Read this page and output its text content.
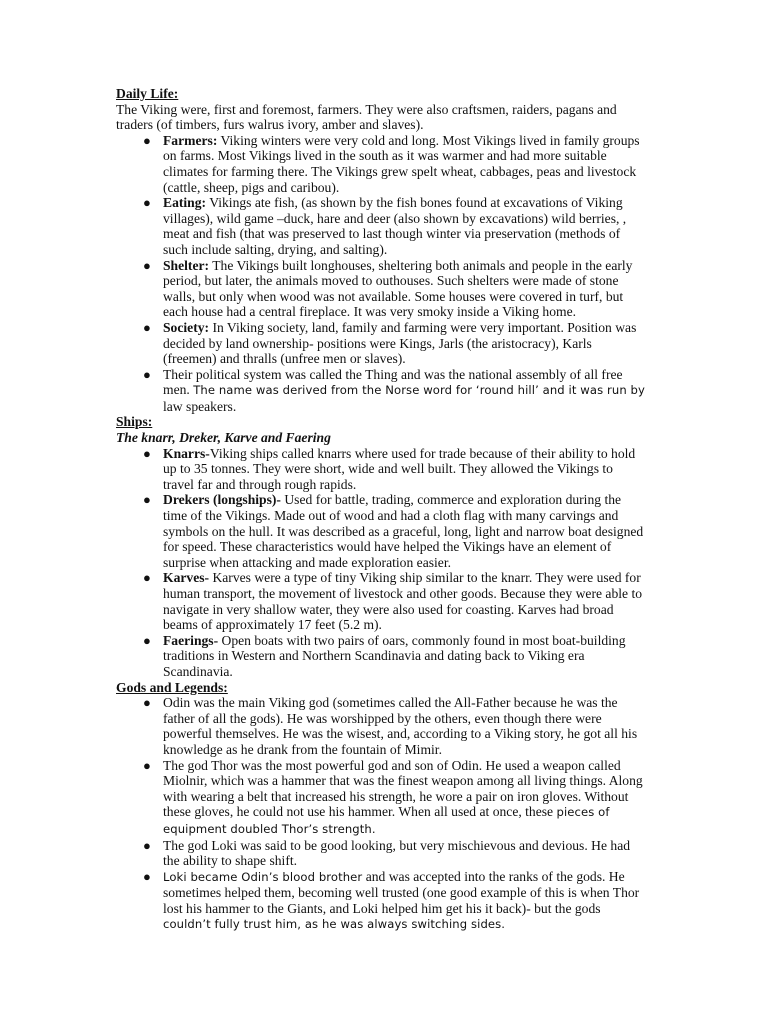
Daily Life:

The Viking were, first and foremost, farmers. They were also craftsmen, raiders, pagans and traders (of timbers, furs walrus ivory, amber and slaves).

● Farmers: Viking winters were very cold and long. Most Vikings lived in family groups on farms. Most Vikings lived in the south as it was warmer and had more suitable climates for farming there. The Vikings grew spelt wheat, cabbages, peas and livestock (cattle, sheep, pigs and caribou).
● Eating: Vikings ate fish, (as shown by the fish bones found at excavations of Viking villages), wild game –duck, hare and deer (also shown by excavations) wild berries, , meat and fish (that was preserved to last though winter via preservation (methods of such include salting, drying, and salting).
● Shelter: The Vikings built longhouses, sheltering both animals and people in the early period, but later, the animals moved to outhouses. Such shelters were made of stone walls, but only when wood was not available. Some houses were covered in turf, but each house had a central fireplace. It was very smoky inside a Viking home.
● Society: In Viking society, land, family and farming were very important. Position was decided by land ownership- positions were Kings, Jarls (the aristocracy), Karls (freemen) and thralls (unfree men or slaves).
● Their political system was called the Thing and was the national assembly of all free men. The name was derived from the Norse word for ‘round hill’ and it was run by law speakers.

Ships:

The knarr, Dreker, Karve and Faering

● Knarrs-Viking ships called knarrs where used for trade because of their ability to hold up to 35 tonnes. They were short, wide and well built. They allowed the Vikings to travel far and through rough rapids.
● Drekers (longships)- Used for battle, trading, commerce and exploration during the time of the Vikings. Made out of wood and had a cloth flag with many carvings and symbols on the hull. It was described as a graceful, long, light and narrow boat designed for speed. These characteristics would have helped the Vikings have an element of surprise when attacking and made exploration easier.
● Karves- Karves were a type of tiny Viking ship similar to the knarr. They were used for human transport, the movement of livestock and other goods. Because they were able to navigate in very shallow water, they were also used for coasting. Karves had broad beams of approximately 17 feet (5.2 m).
● Faerings- Open boats with two pairs of oars, commonly found in most boat-building traditions in Western and Northern Scandinavia and dating back to Viking era Scandinavia.

Gods and Legends:

● Odin was the main Viking god (sometimes called the All-Father because he was the father of all the gods). He was worshipped by the others, even though there were powerful themselves. He was the wisest, and, according to a Viking story, he got all his knowledge as he drank from the fountain of Mimir.
● The god Thor was the most powerful god and son of Odin. He used a weapon called Miolnir, which was a hammer that was the finest weapon among all living things. Along with wearing a belt that increased his strength, he wore a pair on iron gloves. Without these gloves, he could not use his hammer. When all used at once, these pieces of equipment doubled Thor’s strength.
● The god Loki was said to be good looking, but very mischievous and devious. He had the ability to shape shift.
● Loki became Odin’s blood brother and was accepted into the ranks of the gods. He sometimes helped them, becoming well trusted (one good example of this is when Thor lost his hammer to the Giants, and Loki helped him get his it back)- but the gods couldn’t fully trust him, as he was always switching sides.
